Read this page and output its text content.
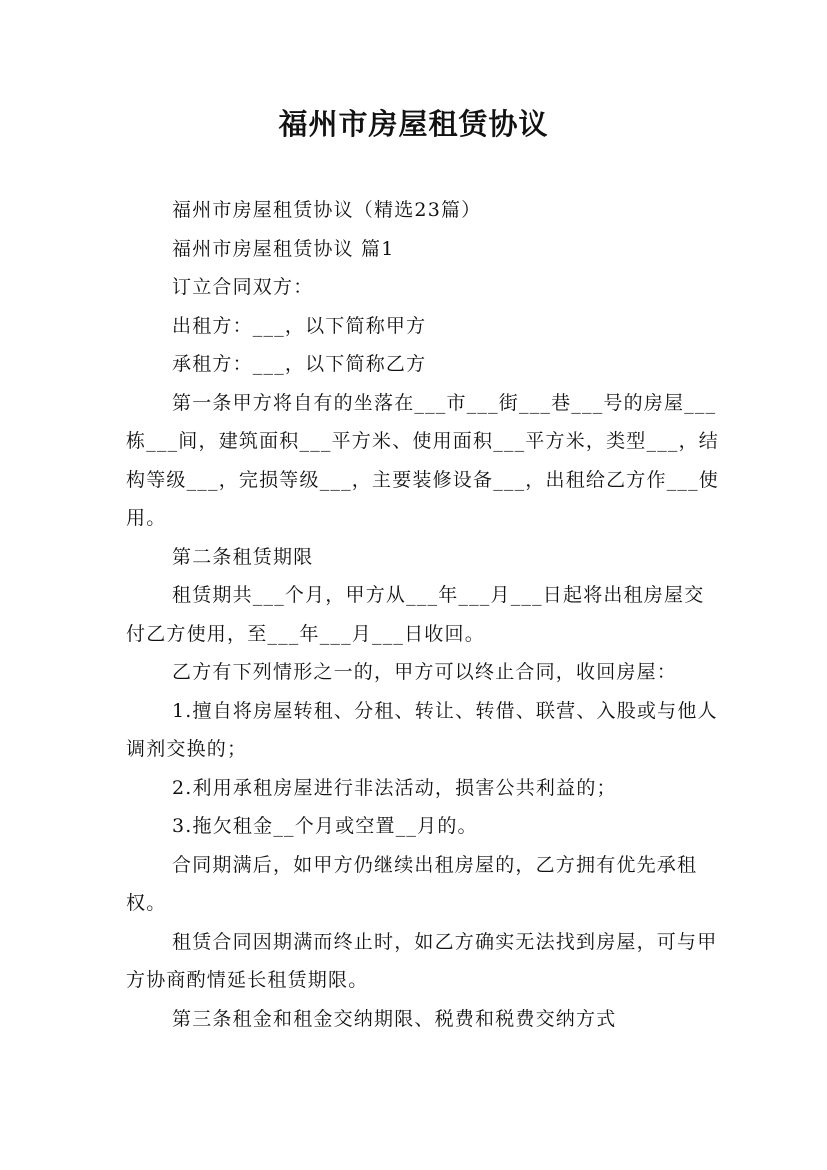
福州市房屋租赁协议

福州市房屋租赁协议（精选23篇）

福州市房屋租赁协议 篇1

订立合同双方：

出租方：___，以下简称甲方

承租方：___，以下简称乙方

第一条甲方将自有的坐落在___市___街___巷___号的房屋___栋___间，建筑面积___平方米、使用面积___平方米，类型___，结构等级___，完损等级___，主要装修设备___，出租给乙方作___使用。

第二条租赁期限

租赁期共___个月，甲方从___年___月___日起将出租房屋交付乙方使用，至___年___月___日收回。

乙方有下列情形之一的，甲方可以终止合同，收回房屋：

1.擅自将房屋转租、分租、转让、转借、联营、入股或与他人调剂交换的；

2.利用承租房屋进行非法活动，损害公共利益的；

3.拖欠租金__个月或空置__月的。

合同期满后，如甲方仍继续出租房屋的，乙方拥有优先承租权。

租赁合同因期满而终止时，如乙方确实无法找到房屋，可与甲方协商酌情延长租赁期限。

第三条租金和租金交纳期限、税费和税费交纳方式
